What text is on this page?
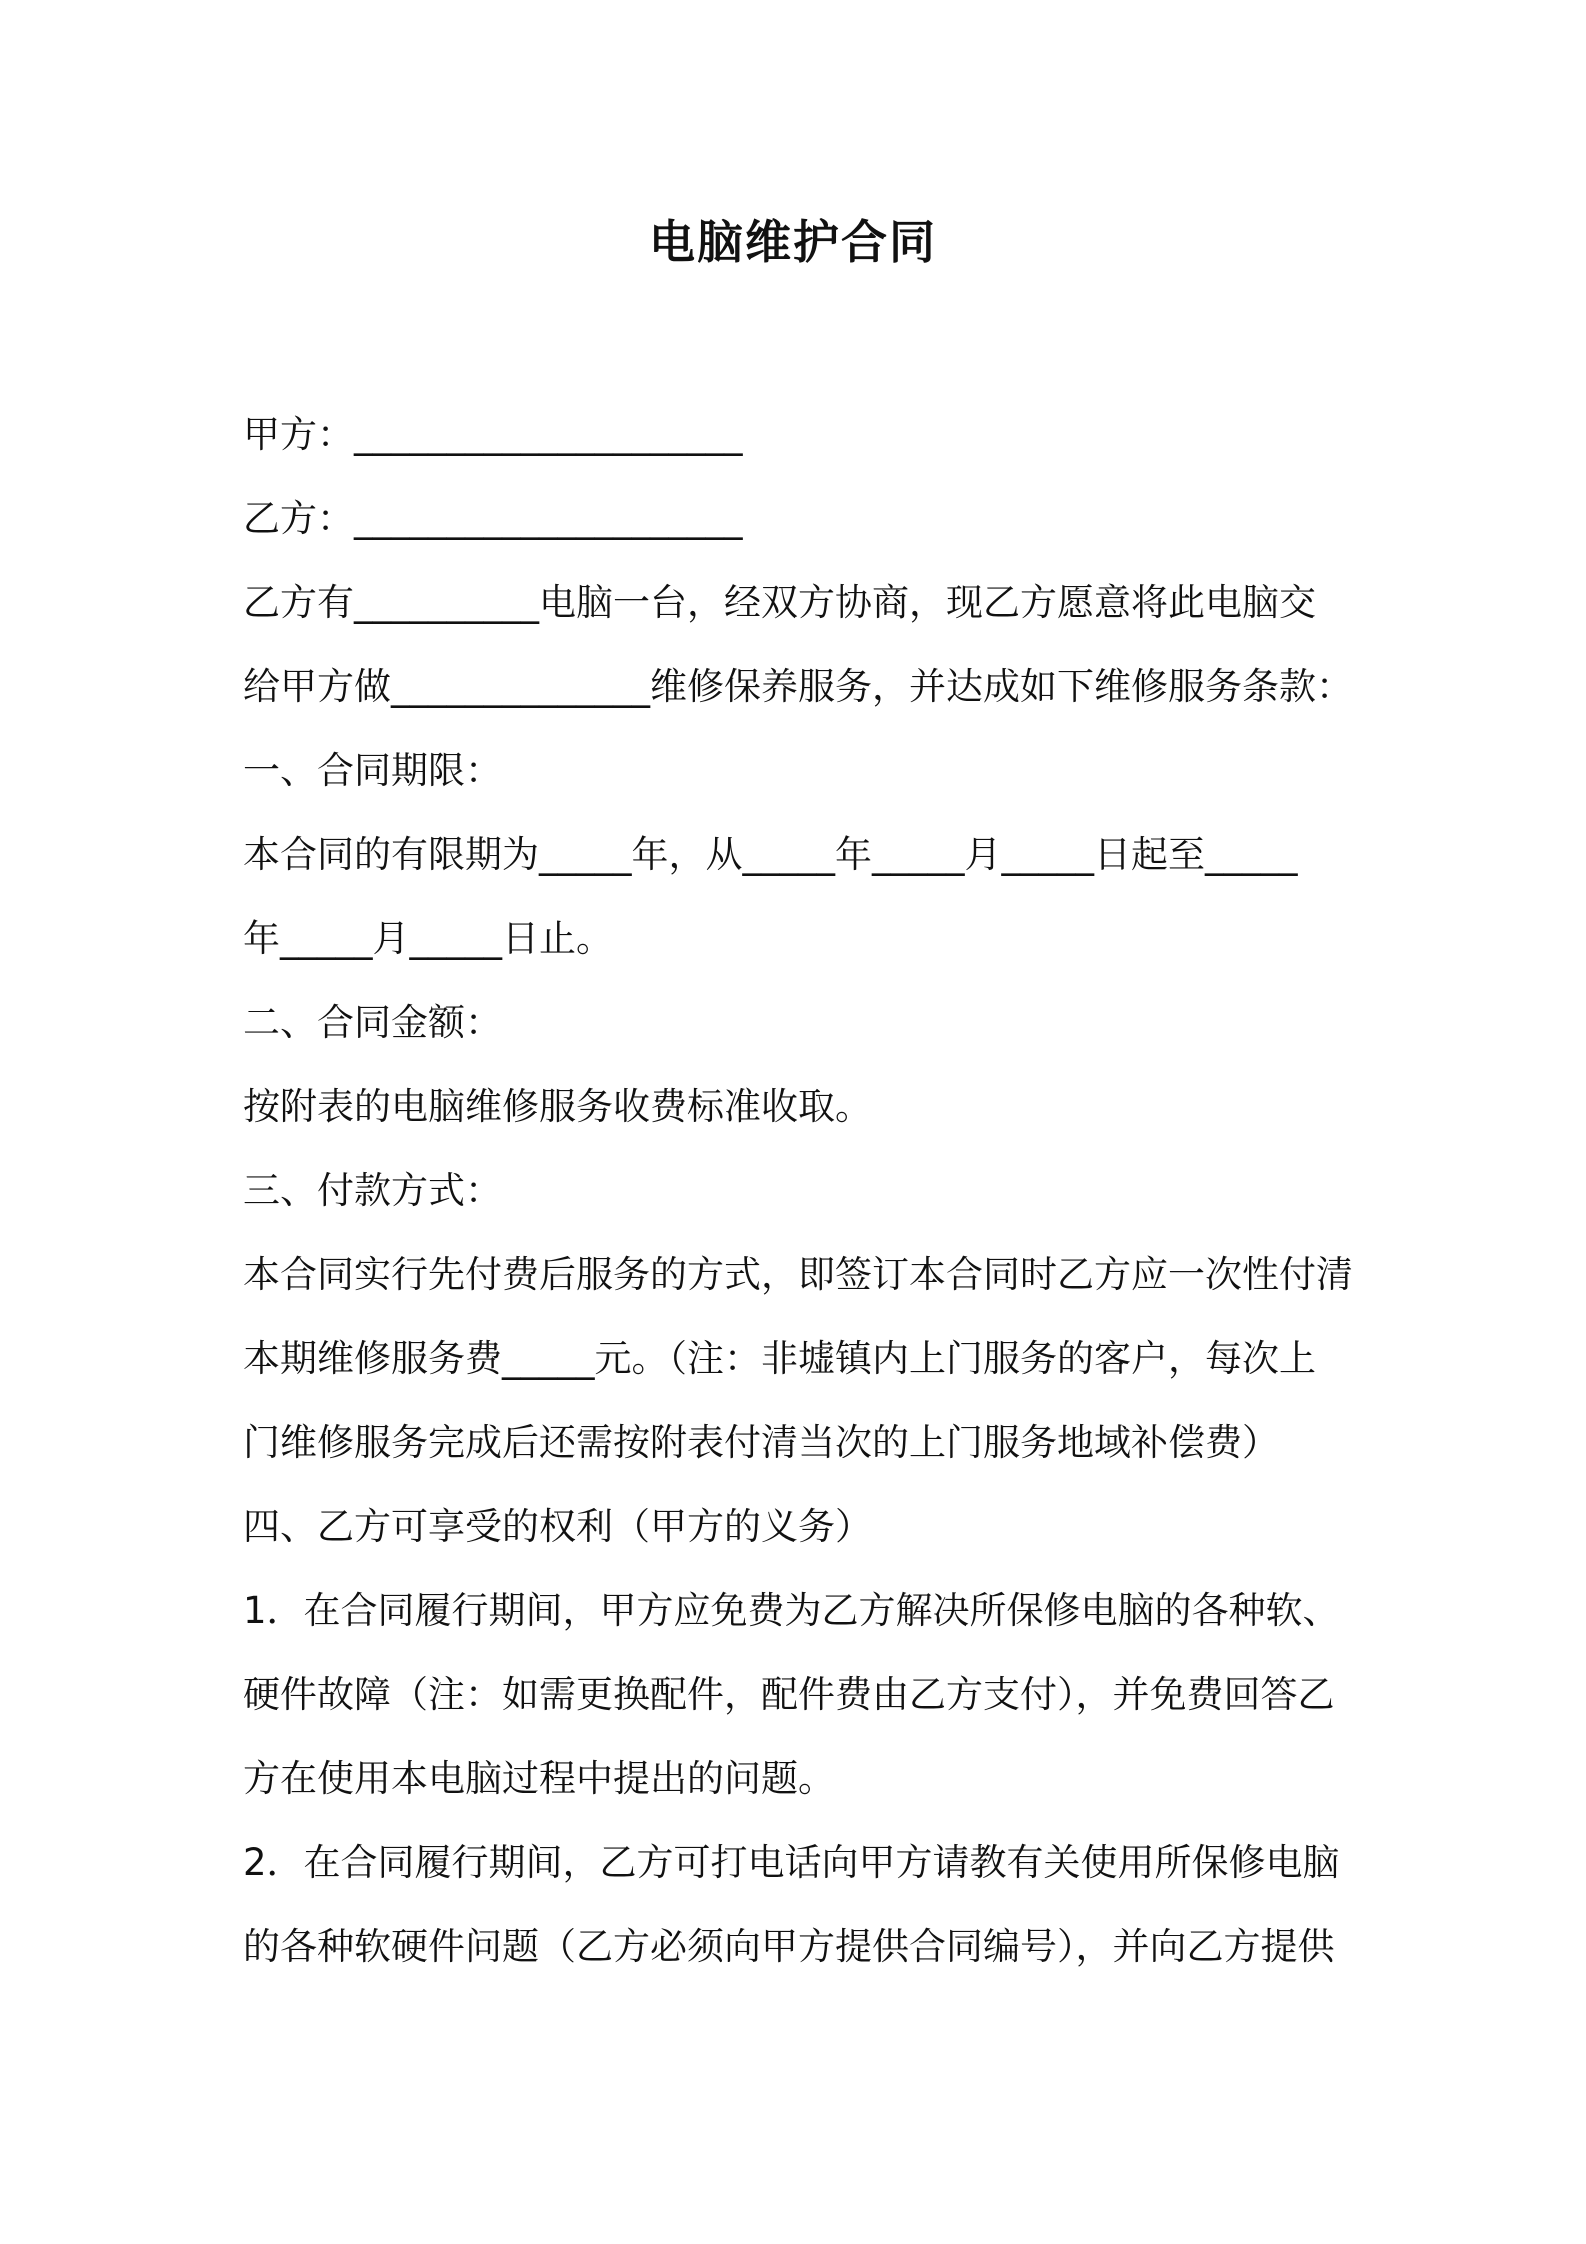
电脑维护合同
甲方：_____________________
乙方：_____________________
乙方有__________电脑一台，经双方协商，现乙方愿意将此电脑交
给甲方做______________维修保养服务，并达成如下维修服务条款：
一、合同期限：
本合同的有限期为_____年，从_____年_____月_____日起至_____
年_____月_____日止。
二、合同金额：
按附表的电脑维修服务收费标准收取。
三、付款方式：
本合同实行先付费后服务的方式，即签订本合同时乙方应一次性付清
本期维修服务费_____元。（注：非墟镇内上门服务的客户，每次上
门维修服务完成后还需按附表付清当次的上门服务地域补偿费）
四、乙方可享受的权利（甲方的义务）
1．在合同履行期间，甲方应免费为乙方解决所保修电脑的各种软、
硬件故障（注：如需更换配件，配件费由乙方支付），并免费回答乙
方在使用本电脑过程中提出的问题。
2．在合同履行期间，乙方可打电话向甲方请教有关使用所保修电脑
的各种软硬件问题（乙方必须向甲方提供合同编号），并向乙方提供
